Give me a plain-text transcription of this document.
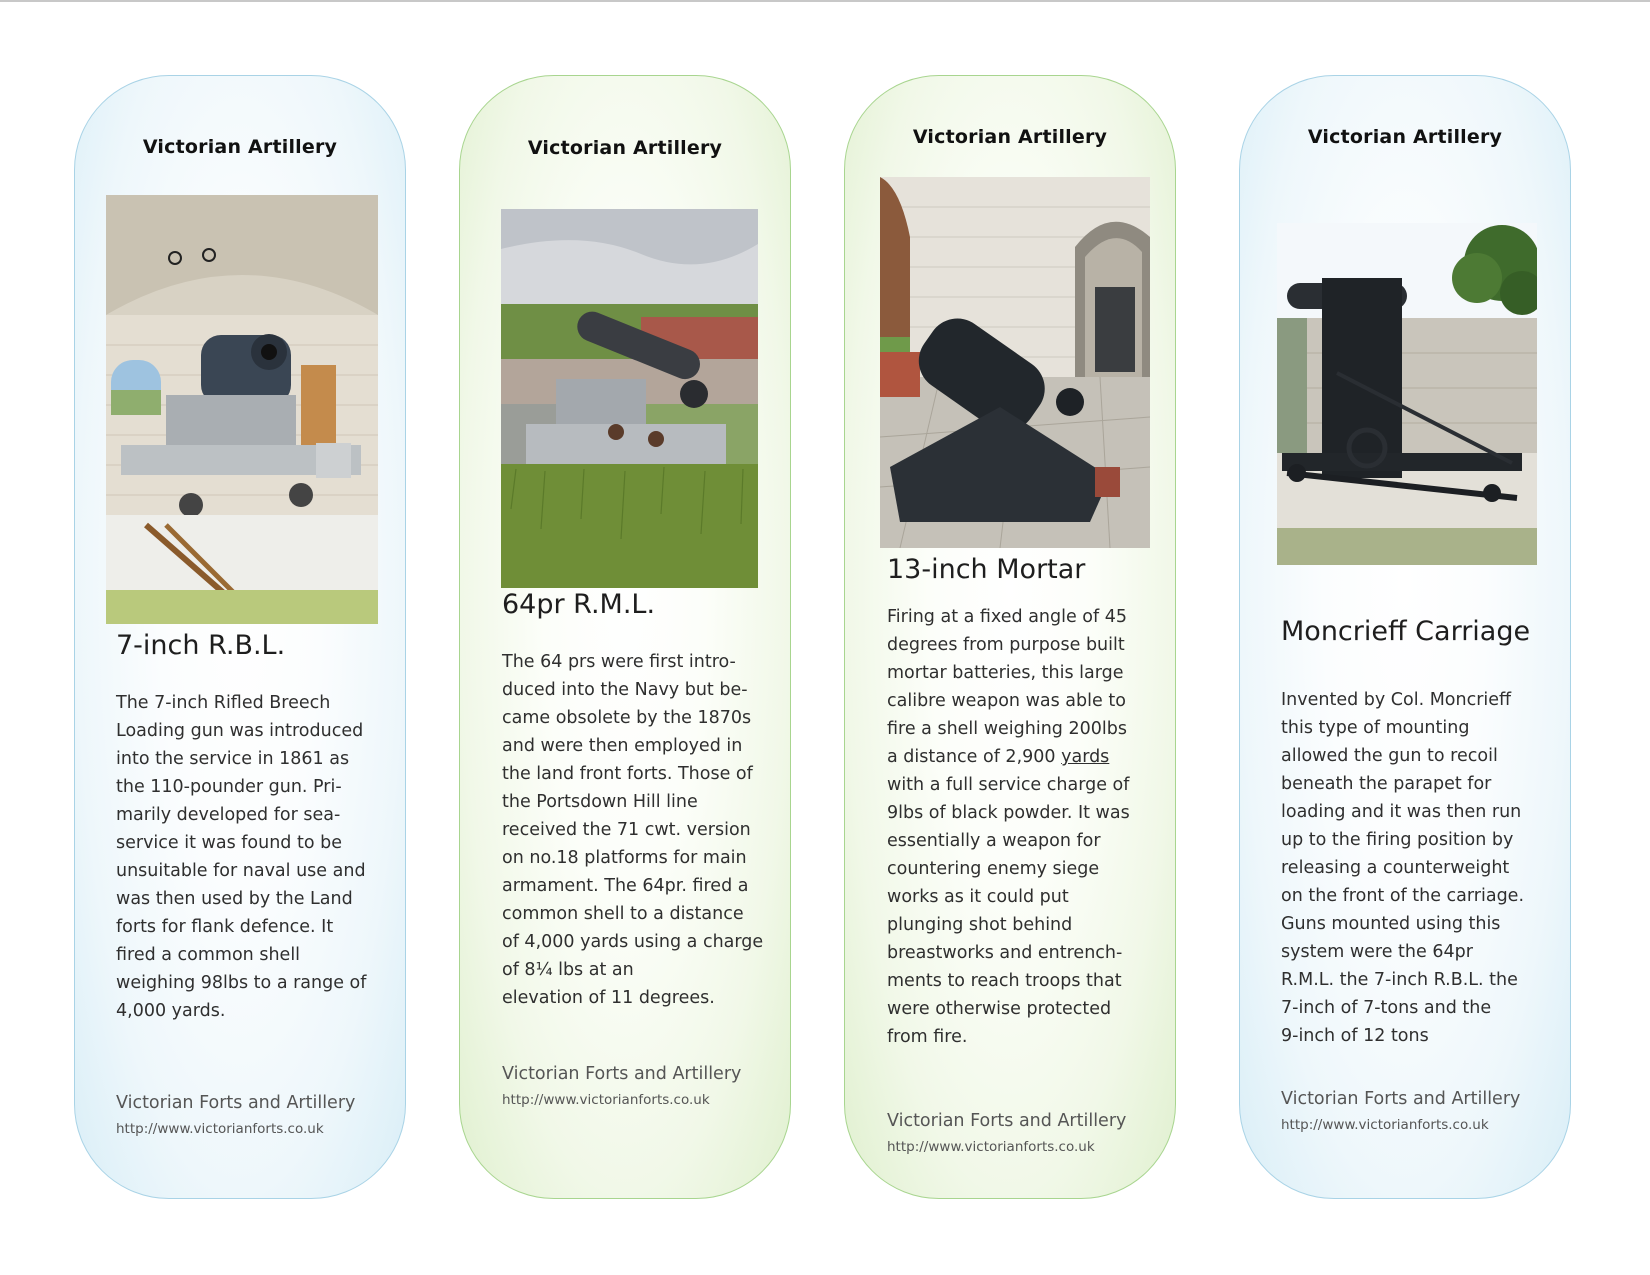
Victorian Artillery
7-inch R.B.L.
The 7-inch Rifled Breech
Loading gun was introduced
into the service in 1861 as
the 110-pounder gun. Pri-
marily developed for sea-
service it was found to be
unsuitable for naval use and
was then used by the Land
forts for flank defence. It
fired a common shell
weighing 98lbs to a range of
4,000 yards.
Victorian Forts and Artillery
http://www.victorianforts.co.uk
Victorian Artillery
64pr R.M.L.
The 64 prs were first intro-
duced into the Navy but be-
came obsolete by the 1870s
and were then employed in
the land front forts. Those of
the Portsdown Hill line
received the 71 cwt. version
on no.18 platforms for main
armament. The 64pr. fired a
common shell to a distance
of 4,000 yards using a charge
of 8¼ lbs at an
elevation of 11 degrees.
Victorian Forts and Artillery
http://www.victorianforts.co.uk
Victorian Artillery
13-inch Mortar
Firing at a fixed angle of 45
degrees from purpose built
mortar batteries, this large
calibre weapon was able to
fire a shell weighing 200lbs
a distance of 2,900 yards
with a full service charge of
9lbs of black powder. It was
essentially a weapon for
countering enemy siege
works as it could put
plunging shot behind
breastworks and entrench-
ments to reach troops that
were otherwise protected
from fire.
Victorian Forts and Artillery
http://www.victorianforts.co.uk
Victorian Artillery
Moncrieff Carriage
Invented by Col. Moncrieff
this type of mounting
allowed the gun to recoil
beneath the parapet for
loading and it was then run
up to the firing position by
releasing a counterweight
on the front of the carriage.
Guns mounted using this
system were the 64pr
R.M.L. the 7-inch R.B.L. the
7-inch of 7-tons and the
9-inch of 12 tons
Victorian Forts and Artillery
http://www.victorianforts.co.uk
